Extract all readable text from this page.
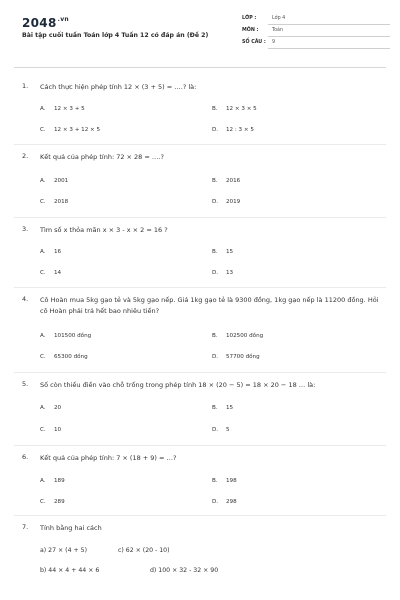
$2048^{.vn}$
Bài tập cuối tuần Toán lớp 4 Tuần 12 có đáp án (Đề 2)
LỚP :	Lớp 4
MÔN :	Toán
SỐ CÂU : 9
1. Cách thực hiện phép tính 12 × (3 + 5) = ….? là:
A. 12 × 3 + 5	B. 12 × 3 × 5
C. 12 × 3 + 12 × 5	D. 12 : 3 × 5
2. Kết quả của phép tính: 72 × 28 = ….?
A. 2001	B. 2016
C. 2018	D. 2019
3. Tìm số x thỏa mãn x × 3 - x × 2 = 16 ?
A. 16	B. 15
C. 14	D. 13
4. Cô Hoàn mua 5kg gạo tẻ và 5kg gạo nếp. Giá 1kg gạo tẻ là 9300 đồng, 1kg gạo nếp là 11200 đồng. Hỏi cô Hoàn phải trả hết bao nhiêu tiền?
A. 101500 đồng	B. 102500 đồng
C. 65300 đồng	D. 57700 đồng
5. Số còn thiếu điền vào chỗ trống trong phép tính 18 × (20 − 5) = 18 × 20 − 18 … là:
A. 20	B. 15
C. 10	D. 5
6. Kết quả của phép tính: 7 × (18 + 9) = …?
A. 189	B. 198
C. 289	D. 298
7. Tính bằng hai cách
a) 27 × (4 + 5)	c) 62 × (20 - 10)
b) 44 × 4 + 44 × 6	d) 100 × 32 - 32 × 90
